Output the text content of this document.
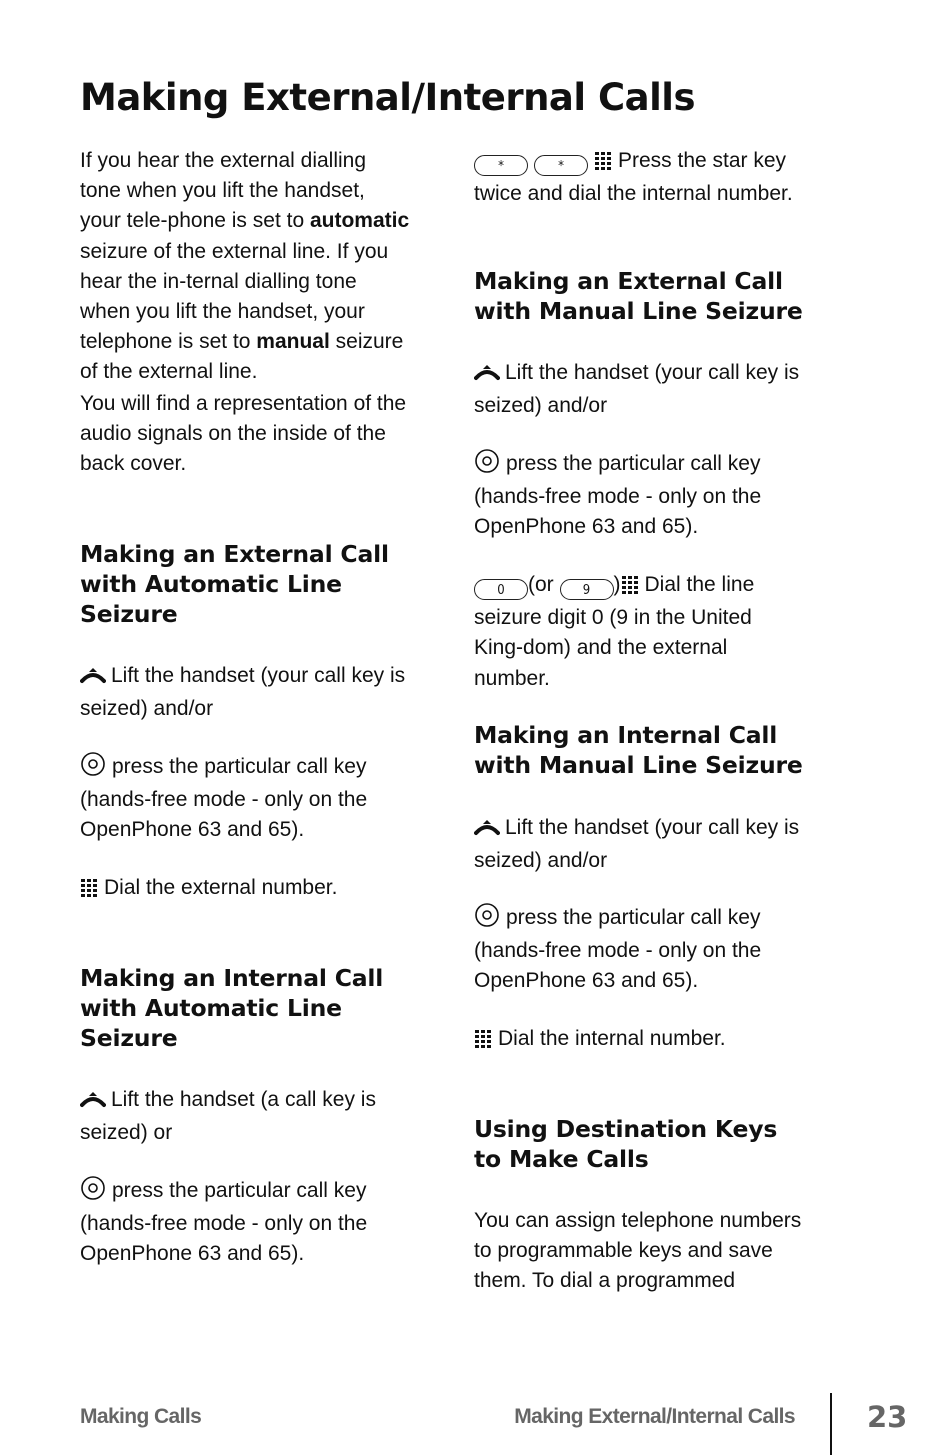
Making External/Internal Calls

If you hear the external dialling tone when you lift the handset, your tele-phone is set to automatic seizure of the external line. If you hear the in-ternal dialling tone when you lift the handset, your telephone is set to manual seizure of the external line.

You will find a representation of the audio signals on the inside of the back cover.

Making an External Call with Automatic Line Seizure

Lift the handset (your call key is seized) and/or

press the particular call key (hands-free mode - only on the OpenPhone 63 and 65).

Dial the external number.

Making an Internal Call with Automatic Line Seizure

Lift the handset (a call key is seized) or

press the particular call key (hands-free mode - only on the OpenPhone 63 and 65).

*	*	Press the star key twice and dial the internal number.

Making an External Call with Manual Line Seizure

Lift the handset (your call key is seized) and/or

press the particular call key (hands-free mode - only on the OpenPhone 63 and 65).

0 (or 9 ) Dial the line seizure digit 0 (9 in the United King-dom) and the external number.

Making an Internal Call with Manual Line Seizure

Lift the handset (your call key is seized) and/or

press the particular call key (hands-free mode - only on the OpenPhone 63 and 65).

Dial the internal number.

Using Destination Keys to Make Calls

You can assign telephone numbers to programmable keys and save them. To dial a programmed

Making Calls	Making External/Internal Calls 23
